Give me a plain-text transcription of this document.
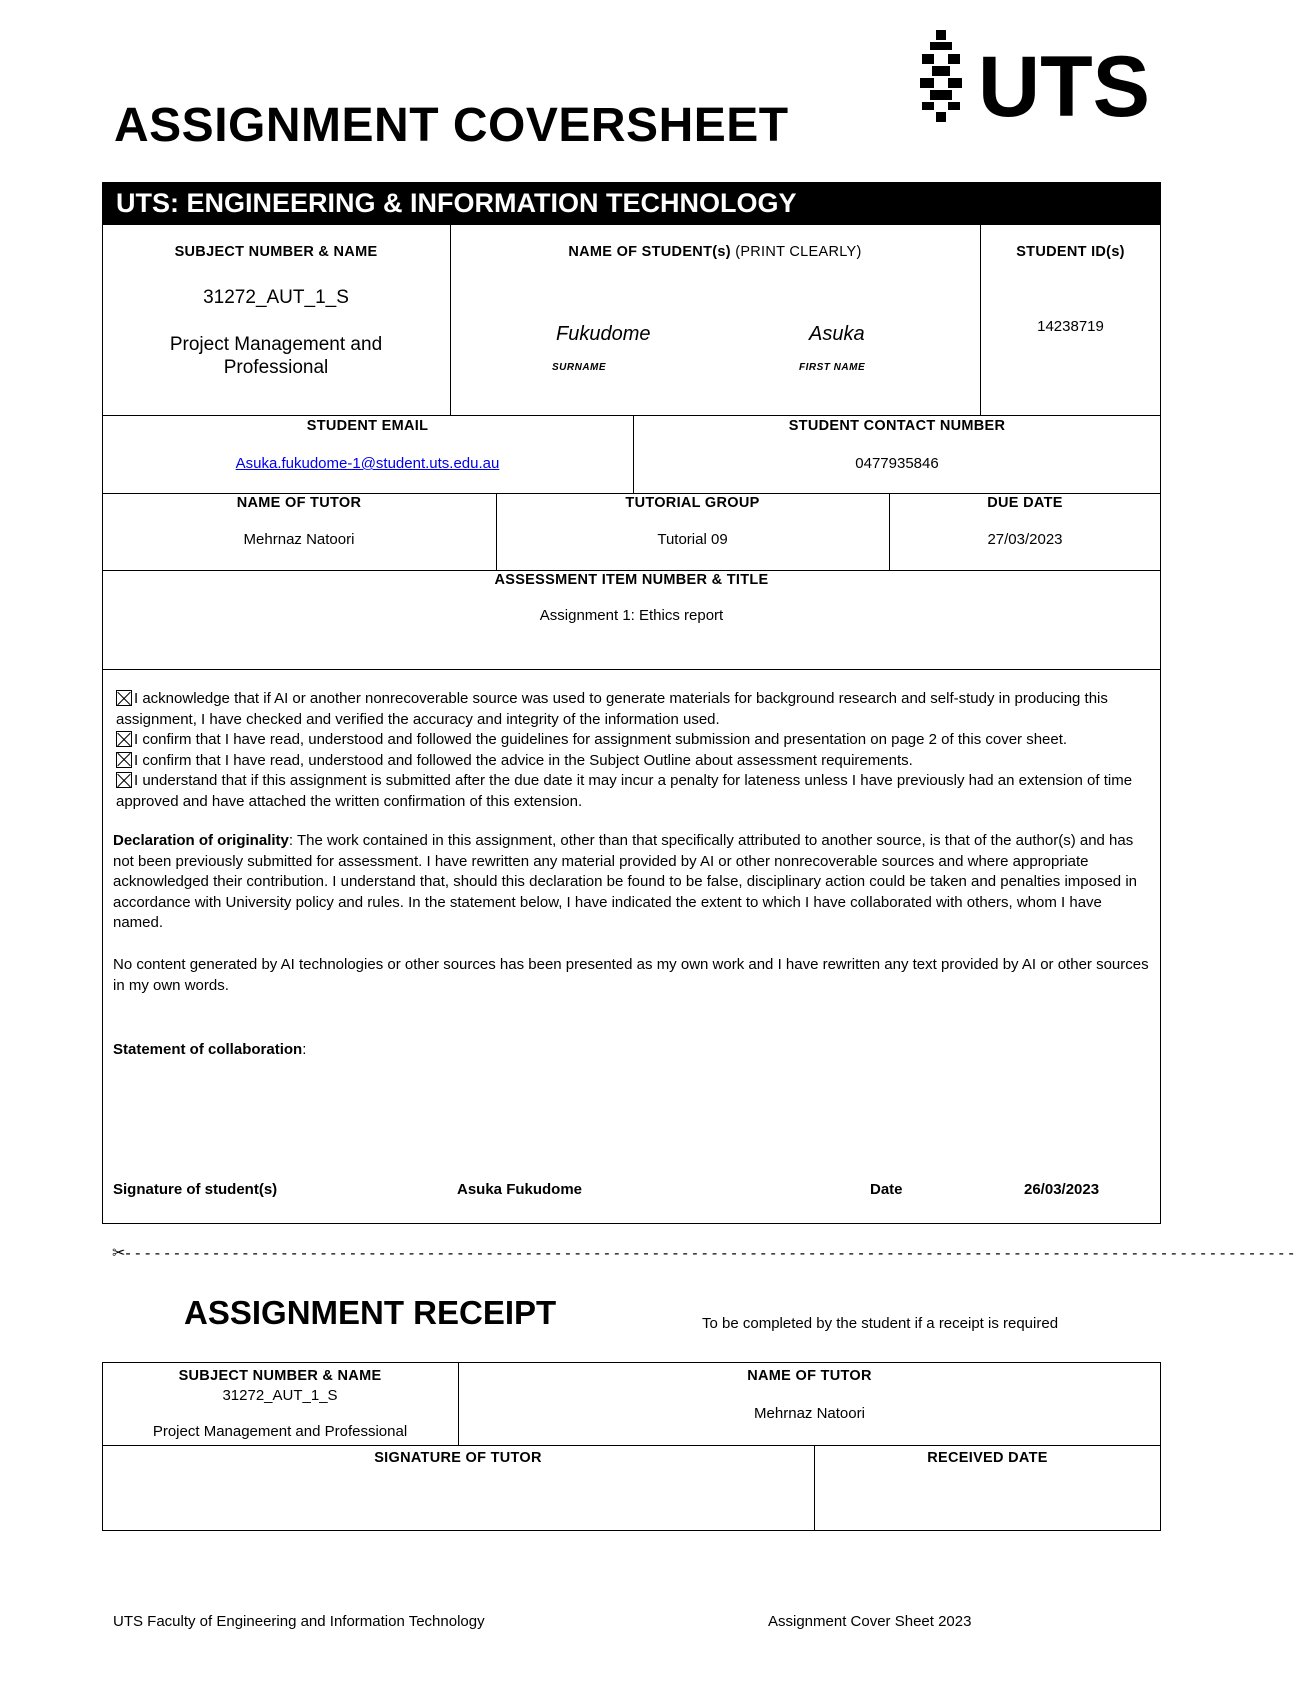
ASSIGNMENT COVERSHEET UTS
UTS: ENGINEERING & INFORMATION TECHNOLOGY
SUBJECT NUMBER & NAME
31272_AUT_1_S
Project Management and Professional
NAME OF STUDENT(s) (PRINT CLEARLY)
Fukudome
SURNAME
Asuka
FIRST NAME
STUDENT ID(s)
14238719
STUDENT EMAIL
Asuka.fukudome-1@student.uts.edu.au
STUDENT CONTACT NUMBER
0477935846
NAME OF TUTOR
Mehrnaz Natoori
TUTORIAL GROUP
Tutorial 09
DUE DATE
27/03/2023
ASSESSMENT ITEM NUMBER & TITLE
Assignment 1: Ethics report
I acknowledge that if AI or another nonrecoverable source was used to generate materials for background research and self-study in producing this assignment, I have checked and verified the accuracy and integrity of the information used.
I confirm that I have read, understood and followed the guidelines for assignment submission and presentation on page 2 of this cover sheet.
I confirm that I have read, understood and followed the advice in the Subject Outline about assessment requirements.
I understand that if this assignment is submitted after the due date it may incur a penalty for lateness unless I have previously had an extension of time approved and have attached the written confirmation of this extension.
Declaration of originality: The work contained in this assignment, other than that specifically attributed to another source, is that of the author(s) and has not been previously submitted for assessment. I have rewritten any material provided by AI or other nonrecoverable sources and where appropriate acknowledged their contribution. I understand that, should this declaration be found to be false, disciplinary action could be taken and penalties imposed in accordance with University policy and rules. In the statement below, I have indicated the extent to which I have collaborated with others, whom I have named.
No content generated by AI technologies or other sources has been presented as my own work and I have rewritten any text provided by AI or other sources in my own words.
Statement of collaboration:
Signature of student(s)	Asuka Fukudome	Date	26/03/2023
✂- - - - - - - - - - - - - - - - - - - - - - - - - - - - - - - - - - - - - - - - - - - - - - - - - - - - - - - - - - - - - - - - - - - - - - - - - - - - - - - - - - - - - - - - - - - - - - - - - - - - - - - - - - - - - - - - - - - - - - - -
ASSIGNMENT RECEIPT	To be completed by the student if a receipt is required
SUBJECT NUMBER & NAME
31272_AUT_1_S
Project Management and Professional
NAME OF TUTOR
Mehrnaz Natoori
SIGNATURE OF TUTOR	RECEIVED DATE
UTS Faculty of Engineering and Information Technology	Assignment Cover Sheet 2023
